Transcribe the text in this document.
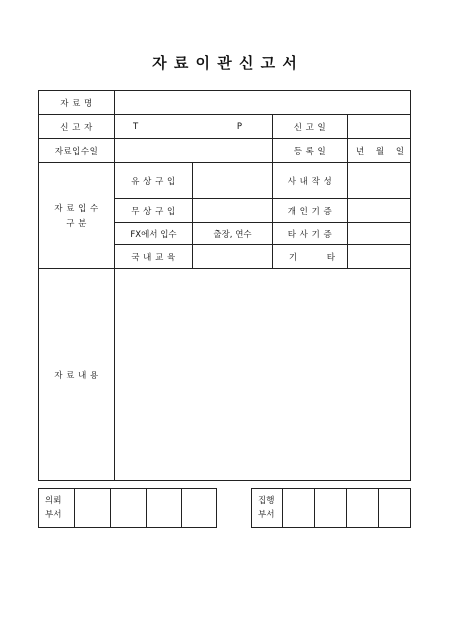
자 료 이 관 신 고 서
자 료 명				
신 고 자	T P		신 고 일	
자료입수일			등 록 일	년 월 일

자 료 입 수
구 분	유 상 구 입		사 내 작 성	
	무 상 구 입		개 인 기 증	
	FX에서 입수	출장, 연수	타 사 기 증	
	국 내 교 육		기 타	

자 료 내 용				
의뢰
부서

집행
부서
